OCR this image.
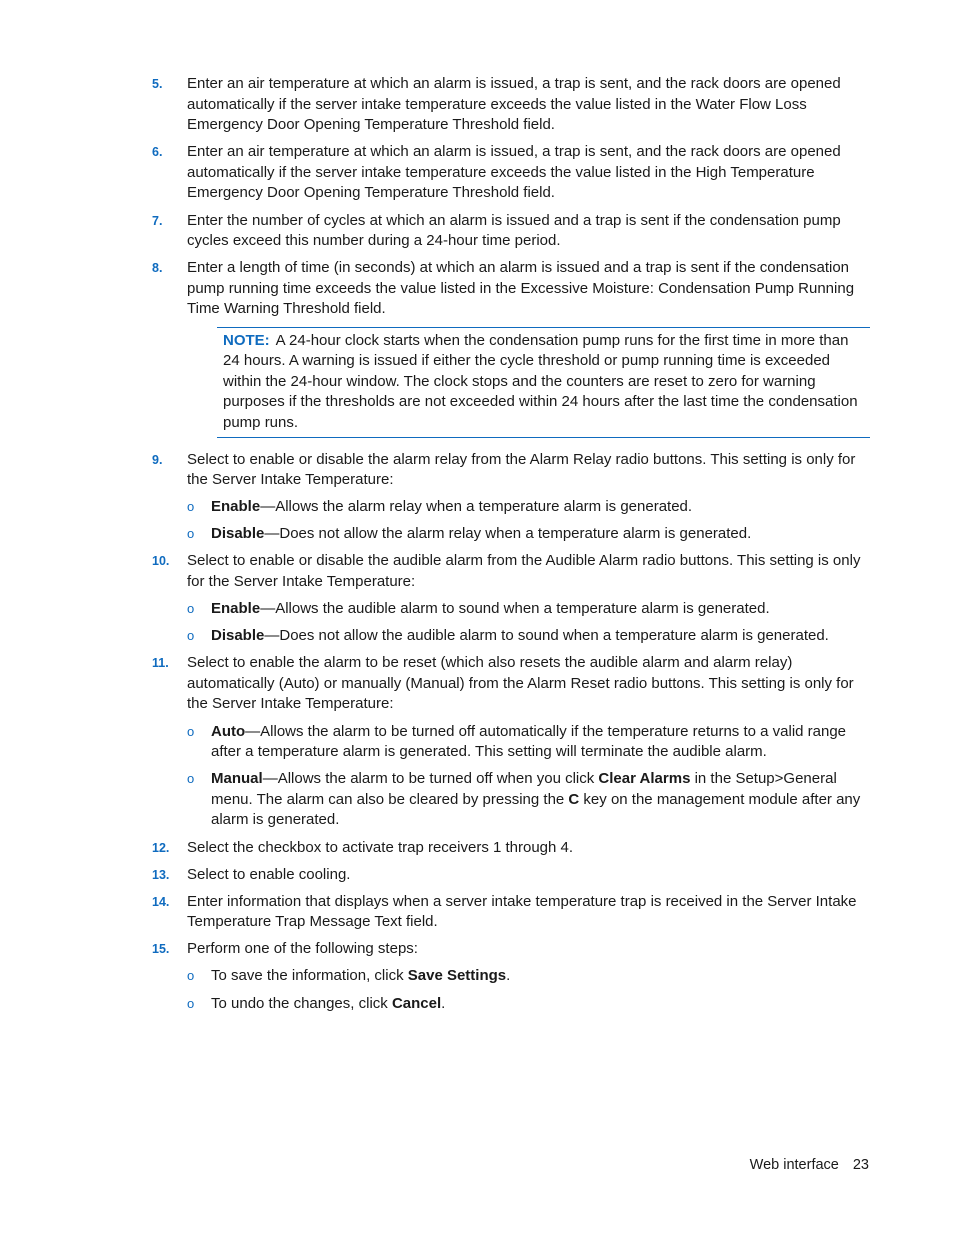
5. Enter an air temperature at which an alarm is issued, a trap is sent, and the rack doors are opened automatically if the server intake temperature exceeds the value listed in the Water Flow Loss Emergency Door Opening Temperature Threshold field.
6. Enter an air temperature at which an alarm is issued, a trap is sent, and the rack doors are opened automatically if the server intake temperature exceeds the value listed in the High Temperature Emergency Door Opening Temperature Threshold field.
7. Enter the number of cycles at which an alarm is issued and a trap is sent if the condensation pump cycles exceed this number during a 24-hour time period.
8. Enter a length of time (in seconds) at which an alarm is issued and a trap is sent if the condensation pump running time exceeds the value listed in the Excessive Moisture: Condensation Pump Running Time Warning Threshold field.
NOTE: A 24-hour clock starts when the condensation pump runs for the first time in more than 24 hours. A warning is issued if either the cycle threshold or pump running time is exceeded within the 24-hour window. The clock stops and the counters are reset to zero for warning purposes if the thresholds are not exceeded within 24 hours after the last time the condensation pump runs.
9. Select to enable or disable the alarm relay from the Alarm Relay radio buttons. This setting is only for the Server Intake Temperature:
o Enable—Allows the alarm relay when a temperature alarm is generated.
o Disable—Does not allow the alarm relay when a temperature alarm is generated.
10. Select to enable or disable the audible alarm from the Audible Alarm radio buttons. This setting is only for the Server Intake Temperature:
o Enable—Allows the audible alarm to sound when a temperature alarm is generated.
o Disable—Does not allow the audible alarm to sound when a temperature alarm is generated.
11. Select to enable the alarm to be reset (which also resets the audible alarm and alarm relay) automatically (Auto) or manually (Manual) from the Alarm Reset radio buttons. This setting is only for the Server Intake Temperature:
o Auto—Allows the alarm to be turned off automatically if the temperature returns to a valid range after a temperature alarm is generated. This setting will terminate the audible alarm.
o Manual—Allows the alarm to be turned off when you click Clear Alarms in the Setup>General menu. The alarm can also be cleared by pressing the C key on the management module after any alarm is generated.
12. Select the checkbox to activate trap receivers 1 through 4.
13. Select to enable cooling.
14. Enter information that displays when a server intake temperature trap is received in the Server Intake Temperature Trap Message Text field.
15. Perform one of the following steps:
o To save the information, click Save Settings.
o To undo the changes, click Cancel.
Web interface 23
